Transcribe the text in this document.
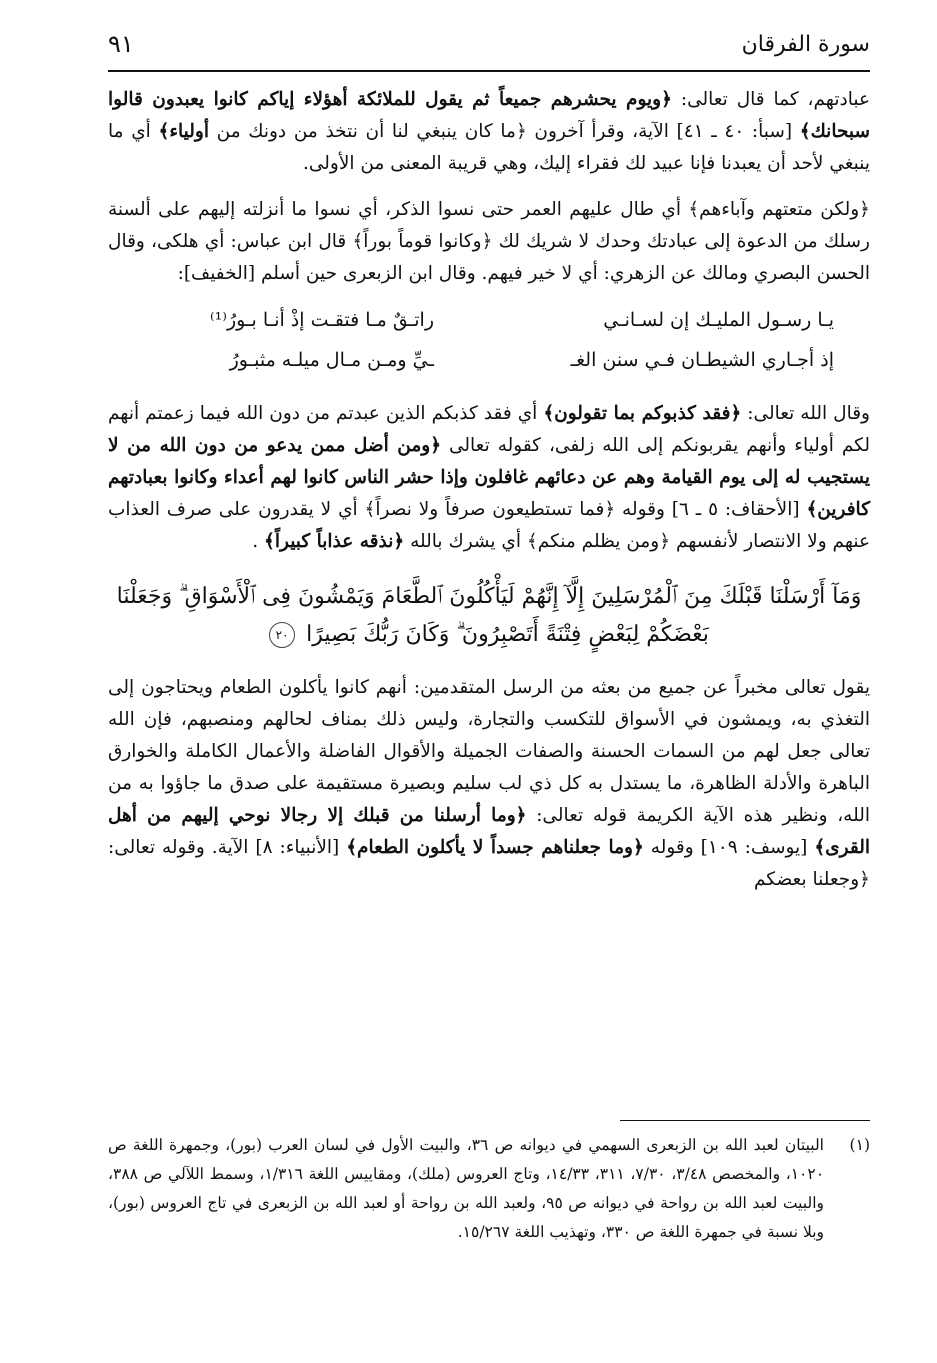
سورة الفرقان
٩١

عبادتهم، كما قال تعالى: ﴿ويوم يحشرهم جميعاً ثم يقول للملائكة أهؤلاء إياكم كانوا يعبدون قالوا سبحانك﴾ [سبأ: ٤٠ ـ ٤١] الآية، وقرأ آخرون ﴿ما كان ينبغي لنا أن نتخذ من دونك من أولياء﴾ أي ما ينبغي لأحد أن يعبدنا فإنا عبيد لك فقراء إليك، وهي قريبة المعنى من الأولى.

﴿ولكن متعتهم وآباءهم﴾ أي طال عليهم العمر حتى نسوا الذكر، أي نسوا ما أنزلته إليهم على ألسنة رسلك من الدعوة إلى عبادتك وحدك لا شريك لك ﴿وكانوا قوماً بوراً﴾ قال ابن عباس: أي هلكى، وقال الحسن البصري ومالك عن الزهري: أي لا خير فيهم. وقال ابن الزبعرى حين أسلم [الخفيف]:

يـا رسـول المليـك إن لسـانـي
راتـقٌ مـا فتقـت إذْ أنـا بـورُ⁽¹⁾
إذ أجـاري الشيطـان فـي سنن الغـ
ـيِّ ومـن مـال ميلـه مثبـورُ

وقال الله تعالى: ﴿فقد كذبوكم بما تقولون﴾ أي فقد كذبكم الذين عبدتم من دون الله فيما زعمتم أنهم لكم أولياء وأنهم يقربونكم إلى الله زلفى، كقوله تعالى ﴿ومن أضل ممن يدعو من دون الله من لا يستجيب له إلى يوم القيامة وهم عن دعائهم غافلون وإذا حشر الناس كانوا لهم أعداء وكانوا بعبادتهم كافرين﴾ [الأحقاف: ٥ ـ ٦] وقوله ﴿فما تستطيعون صرفاً ولا نصراً﴾ أي لا يقدرون على صرف العذاب عنهم ولا الانتصار لأنفسهم ﴿ومن يظلم منكم﴾ أي يشرك بالله ﴿نذقه عذاباً كبيراً﴾ .

وَمَآ أَرْسَلْنَا قَبْلَكَ مِنَ ٱلْمُرْسَلِينَ إِلَّآ إِنَّهُمْ لَيَأْكُلُونَ ٱلطَّعَامَ وَيَمْشُونَ فِى ٱلْأَسْوَاقِ ۗ وَجَعَلْنَا
بَعْضَكُمْ لِبَعْضٍ فِتْنَةً أَتَصْبِرُونَ ۗ وَكَانَ رَبُّكَ بَصِيرًا ٢٠

يقول تعالى مخبراً عن جميع من بعثه من الرسل المتقدمين: أنهم كانوا يأكلون الطعام ويحتاجون إلى التغذي به، ويمشون في الأسواق للتكسب والتجارة، وليس ذلك بمناف لحالهم ومنصبهم، فإن الله تعالى جعل لهم من السمات الحسنة والصفات الجميلة والأقوال الفاضلة والأعمال الكاملة والخوارق الباهرة والأدلة الظاهرة، ما يستدل به كل ذي لب سليم وبصيرة مستقيمة على صدق ما جاؤوا به من الله، ونظير هذه الآية الكريمة قوله تعالى: ﴿وما أرسلنا من قبلك إلا رجالا نوحي إليهم من أهل القرى﴾ [يوسف: ١٠٩] وقوله ﴿وما جعلناهم جسداً لا يأكلون الطعام﴾ [الأنبياء: ٨] الآية. وقوله تعالى: ﴿وجعلنا بعضكم

(١)
البيتان لعبد الله بن الزبعرى السهمي في ديوانه ص ٣٦، والبيت الأول في لسان العرب (بور)، وجمهرة اللغة ص ١٠٢٠، والمخصص ٣/٤٨، ٧/٣٠، ٣١١، ١٤/٣٣، وتاج العروس (ملك)، ومقاييس اللغة ١/٣١٦، وسمط اللآلي ص ٣٨٨، والبيت لعبد الله بن رواحة في ديوانه ص ٩٥، ولعبد الله بن رواحة أو لعبد الله بن الزبعرى في تاج العروس (بور)، وبلا نسبة في جمهرة اللغة ص ٣٣٠، وتهذيب اللغة ١٥/٢٦٧.
